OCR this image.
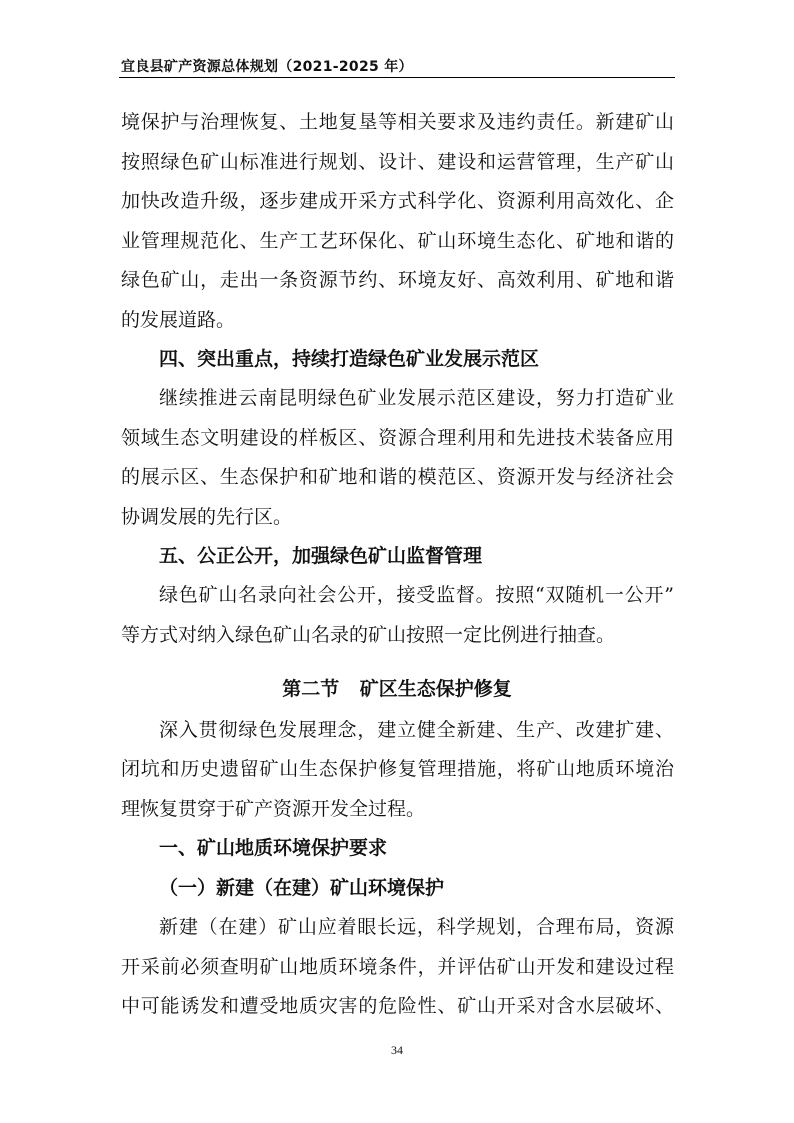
宜良县矿产资源总体规划（2021-2025 年）
境保护与治理恢复、土地复垦等相关要求及违约责任。新建矿山
按照绿色矿山标准进行规划、设计、建设和运营管理，生产矿山
加快改造升级，逐步建成开采方式科学化、资源利用高效化、企
业管理规范化、生产工艺环保化、矿山环境生态化、矿地和谐的
绿色矿山，走出一条资源节约、环境友好、高效利用、矿地和谐
的发展道路。
四、突出重点，持续打造绿色矿业发展示范区
继续推进云南昆明绿色矿业发展示范区建设，努力打造矿业
领域生态文明建设的样板区、资源合理利用和先进技术装备应用
的展示区、生态保护和矿地和谐的模范区、资源开发与经济社会
协调发展的先行区。
五、公正公开，加强绿色矿山监督管理
绿色矿山名录向社会公开，接受监督。按照“双随机一公开”
等方式对纳入绿色矿山名录的矿山按照一定比例进行抽查。
第二节 矿区生态保护修复
深入贯彻绿色发展理念，建立健全新建、生产、改建扩建、
闭坑和历史遗留矿山生态保护修复管理措施，将矿山地质环境治
理恢复贯穿于矿产资源开发全过程。
一、矿山地质环境保护要求
（一）新建（在建）矿山环境保护
新建（在建）矿山应着眼长远，科学规划，合理布局，资源
开采前必须查明矿山地质环境条件，并评估矿山开发和建设过程
中可能诱发和遭受地质灾害的危险性、矿山开采对含水层破坏、
34
